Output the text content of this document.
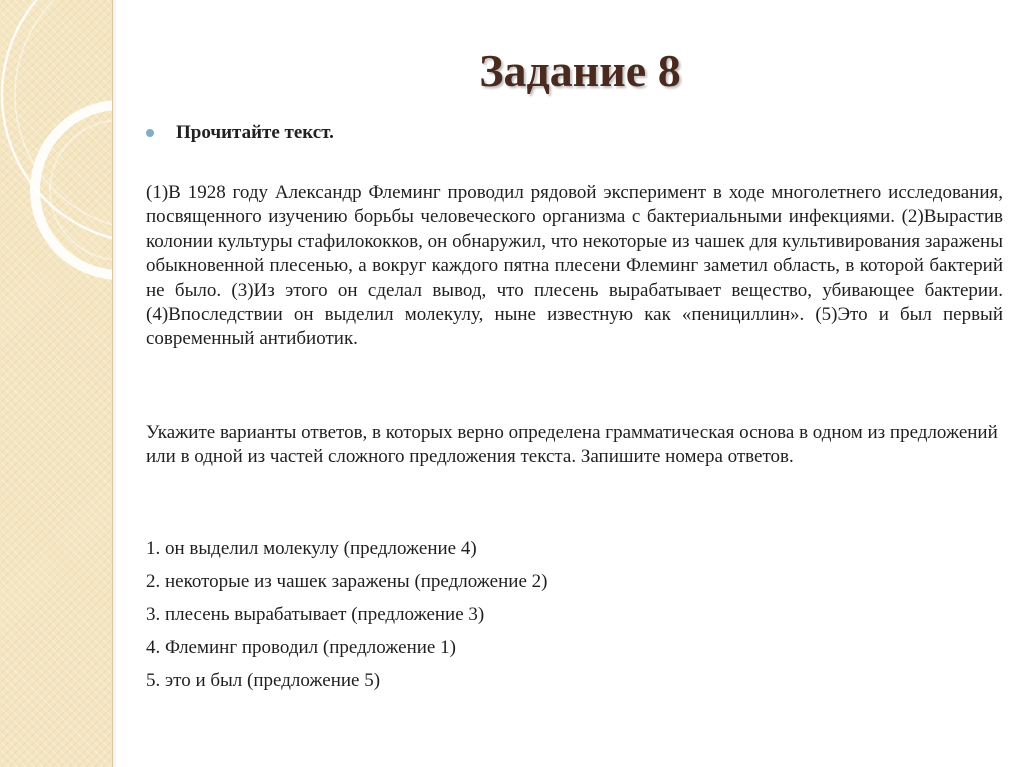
Задание 8
Прочитайте текст.

(1)В 1928 году Александр Флеминг проводил рядовой эксперимент в ходе многолетнего исследования, посвященного изучению борьбы человеческого организма с бактериальными инфекциями. (2)Вырастив колонии культуры стафилококков, он обнаружил, что некоторые из чашек для культивирования заражены обыкновенной плесенью, а вокруг каждого пятна плесени Флеминг заметил область, в которой бактерий не было. (3)Из этого он сделал вывод, что плесень вырабатывает вещество, убивающее бактерии. (4)Впоследствии он выделил молекулу, ныне известную как «пенициллин». (5)Это и был первый современный антибиотик.

Укажите варианты ответов, в которых верно определена грамматическая основа в одном из предложений или в одной из частей сложного предложения текста. Запишите номера ответов.

1. он выделил молекулу (предложение 4)
2. некоторые из чашек заражены (предложение 2)
3. плесень вырабатывает (предложение 3)
4. Флеминг проводил (предложение 1)
5. это и был (предложение 5)
